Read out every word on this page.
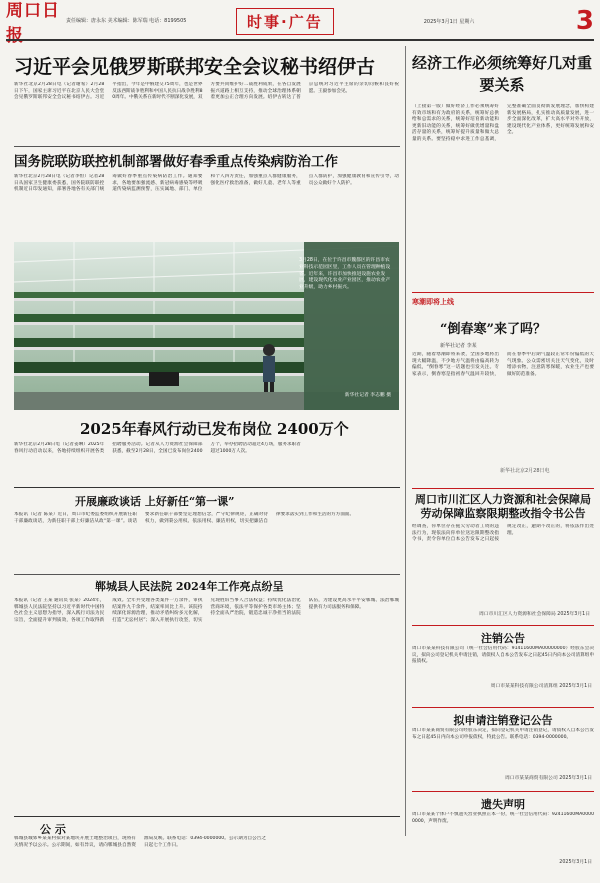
周口日报
责任编辑：唐永东 美术编辑：陈军瑞 电话：8199505	时事·广告	2025年3月1日 星期六	3
习近平会见俄罗斯联邦安全会议秘书绍伊古
新华社北京2月28日电（记者谢希）2月28日下午，国家主席习近平在北京人民大会堂会见俄罗斯联邦安全会议秘书绍伊古。习近平指出，今年是中俄建交75周年，也是世界反法西斯战争胜利和中国人民抗日战争胜利80周年。中俄关系在新时代不断深化发展，双方要共同维护好二战胜利成果，在各自发展振兴道路上相互支持，推动全球治理体系朝着更加公正合理方向发展。绍伊古转达了普京总统对习近平主席的亲切问候和良好祝愿。王毅参加会见。
经济工作必须统筹好几对重要关系
（上接第一版）做好经济工作必须统筹好有效市场和有为政府的关系，统筹好总供给和总需求的关系，统筹好培育新动能和更新旧动能的关系，统筹好做优增量和盘活存量的关系，统筹好提升质量和做大总量的关系。要坚持稳中求进工作总基调，完整准确全面贯彻新发展理念，加快构建新发展格局，扎实推动高质量发展，进一步全面深化改革，扩大高水平对外开放，建设现代化产业体系，更好统筹发展和安全。
国务院联防联控机制部署做好春季重点传染病防治工作
新华社北京2月28日电（记者李恒）记者28日从国家卫生健康委获悉，国务院联防联控机制近日印发通知，部署各地各有关部门统筹做好春季重点传染病防治工作。通知要求，各地要加强流感、新冠病毒感染等呼吸道传染病监测预警，压实属地、部门、单位和个人四方责任，加强重点人群健康服务，强化医疗救治准备，做好儿童、老年人等重点人群防护，加强健康教育和宣传引导，动员公众做好个人防护。
3月28日，在位于许昌市魏都区的许昌市农业科技示范园区里，工作人员在管理种植设备。近年来，许昌市加快推进设施农业发展，建设现代化农业产业园区，推动农业产业升级，助力乡村振兴。
新华社记者 李志鹏 摄
2025年春风行动已发布岗位 2400万个
新华社北京2月28日电（记者姜琳）2025年春风行动启动以来，各地持续组织开展各类招聘服务活动。记者从人力资源社会保障部获悉，截至2月28日，全国已发布岗位2400万个，举办招聘活动超过4万场，服务求职者超过1000万人次。
寒潮即将上线
“倒春寒”来了吗？
新华社记者 李某
近期，随着寒潮即将来袭，全国多地将出现大幅降温，不少地方气温将由偏高转为偏低，“倒春寒”这一话题也引发关注。专家表示，倒春寒是指初春气温回升较快，而在春季中后期气温较正常年份偏低的天气现象。公众需密切关注天气变化，及时增添衣物，注意防寒保暖，农业生产也要做好防范准备。
新华社北京2月28日电
开展廉政谈话 上好新任“第一课”
本报讯（记者 陈某）近日，周口市纪委监委组织开展新任职干部廉政谈话，为新任职干部上好廉洁从政“第一课”。谈话要求新任职干部要坚定理想信念，严守纪律规矩，正确对待权力，做到秉公用权、依法用权、廉洁用权，切实把廉洁自律要求落实到工作和生活的方方面面。
郸城县人民法院 2024年工作亮点纷呈
本报讯（记者 王某 通讯员 张某）2024年，郸城县人民法院坚持以习近平新时代中国特色社会主义思想为指导，深入践行司法为民宗旨，全面提升审判质效，各项工作取得新成效。全年共受理各类案件一万余件，审执结案件九千余件，结案率同比上升。该院持续深化诉源治理，推动矛盾纠纷多元化解，打造“无讼村居”；深入开展执行攻坚，切实兑现胜诉当事人合法权益；持续优化法治化营商环境，依法平等保护各类市场主体；坚持全面从严治院，锻造忠诚干净担当的法院队伍，为建设更高水平平安郸城、法治郸城提供有力司法服务和保障。
公 示
郸城县城郊乡某某村拟对某地块开展土地整治项目，现将有关情况予以公示。公示期间，如有异议，请向郸城县自然资源局反映。联系电话：0394-0000000。公示期为自公告之日起七个工作日。
周口市川汇区人力资源和社会保障局劳动保障监察限期整改指令书公告
经调查，你单位存在拖欠劳动者工资的违法行为，现依法向你单位送达限期整改指令书，责令你单位自本公告发布之日起按规定改正，逾期不改正的，将依法作出处理。
周口市川汇区人力资源和社会保障局 2025年3月1日
注销公告
周口市某某科技有限公司（统一社会信用代码：91411600MA00000000）经股东会决议，拟向公司登记机关申请注销，请债权人自本公告发布之日起45日内向本公司清算组申报债权。
周口市某某科技有限公司清算组 2025年3月1日
拟申请注销登记公告
周口市某某商贸有限公司经股东决定，拟向登记机关申请注销登记，请债权人自本公告发布之日起45日内向本公司申报债权，特此公告。联系电话：0394-0000000。
周口市某某商贸有限公司 2025年3月1日
遗失声明
周口市某某个体户不慎遗失营业执照正本一份，统一社会信用代码：92411600MA00000000，声明作废。
2025年3月1日
